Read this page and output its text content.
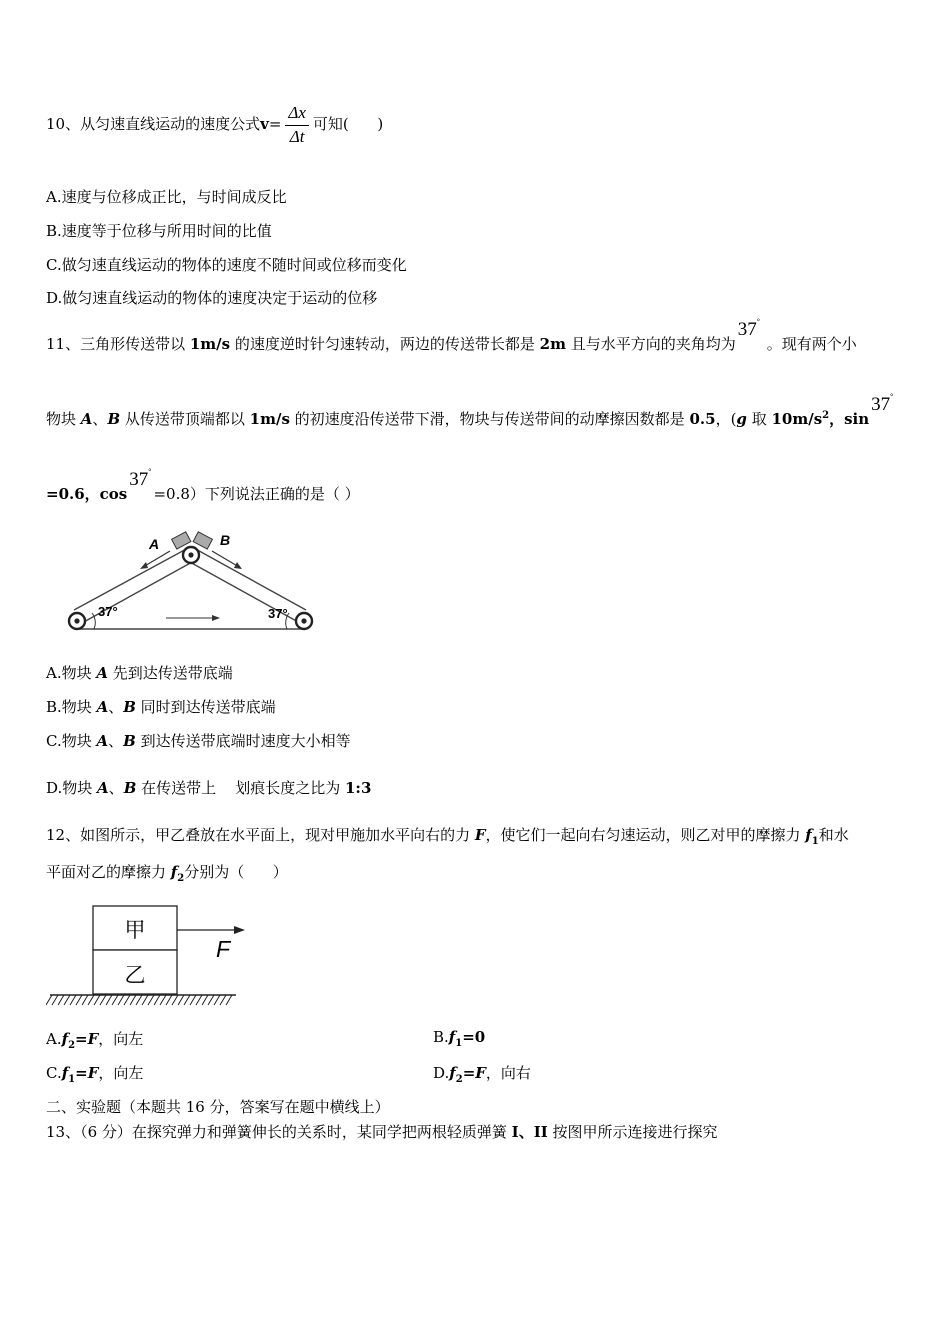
10、从匀速直线运动的速度公式$v= \frac{\Delta x}{\Delta t}$ 可知( )
A.速度与位移成正比，与时间成反比
B.速度等于位移与所用时间的比值
C.做匀速直线运动的物体的速度不随时间或位移而变化
D.做匀速直线运动的物体的速度决定于运动的位移
11、三角形传送带以 1m/s 的速度逆时针匀速转动，两边的传送带长都是 2m 且与水平方向的夹角均为37° 。现有两个小
物块 A、B 从传送带顶端都以 1m/s 的初速度沿传送带下滑，物块与传送带间的动摩擦因数都是 0.5，(g 取 $10m/s^2$，sin37°
=0.6，cos37°=0.8）下列说法正确的是（ ）
A	B
37°	37°
A.物块 A 先到达传送带底端
B.物块 A、B 同时到达传送带底端
C.物块 A、B 到达传送带底端时速度大小相等
D.物块 A、B 在传送带上    划痕长度之比为 1:3
12、如图所示，甲乙叠放在水平面上，现对甲施加水平向右的力 F，使它们一起向右匀速运动，则乙对甲的摩擦力 $f_1$和水
平面对乙的摩擦力 $f_2$分别为（      ）
甲
乙
F
$A.f_2=F$，向左	$B.f_1=0$
$C.f_1=F$，向左	$D.f_2=F$，向右
二、实验题（本题共 16 分，答案写在题中横线上）
13、（6 分）在探究弹力和弹簧伸长的关系时，某同学把两根轻质弹簧 I、II 按图甲所示连接进行探究
